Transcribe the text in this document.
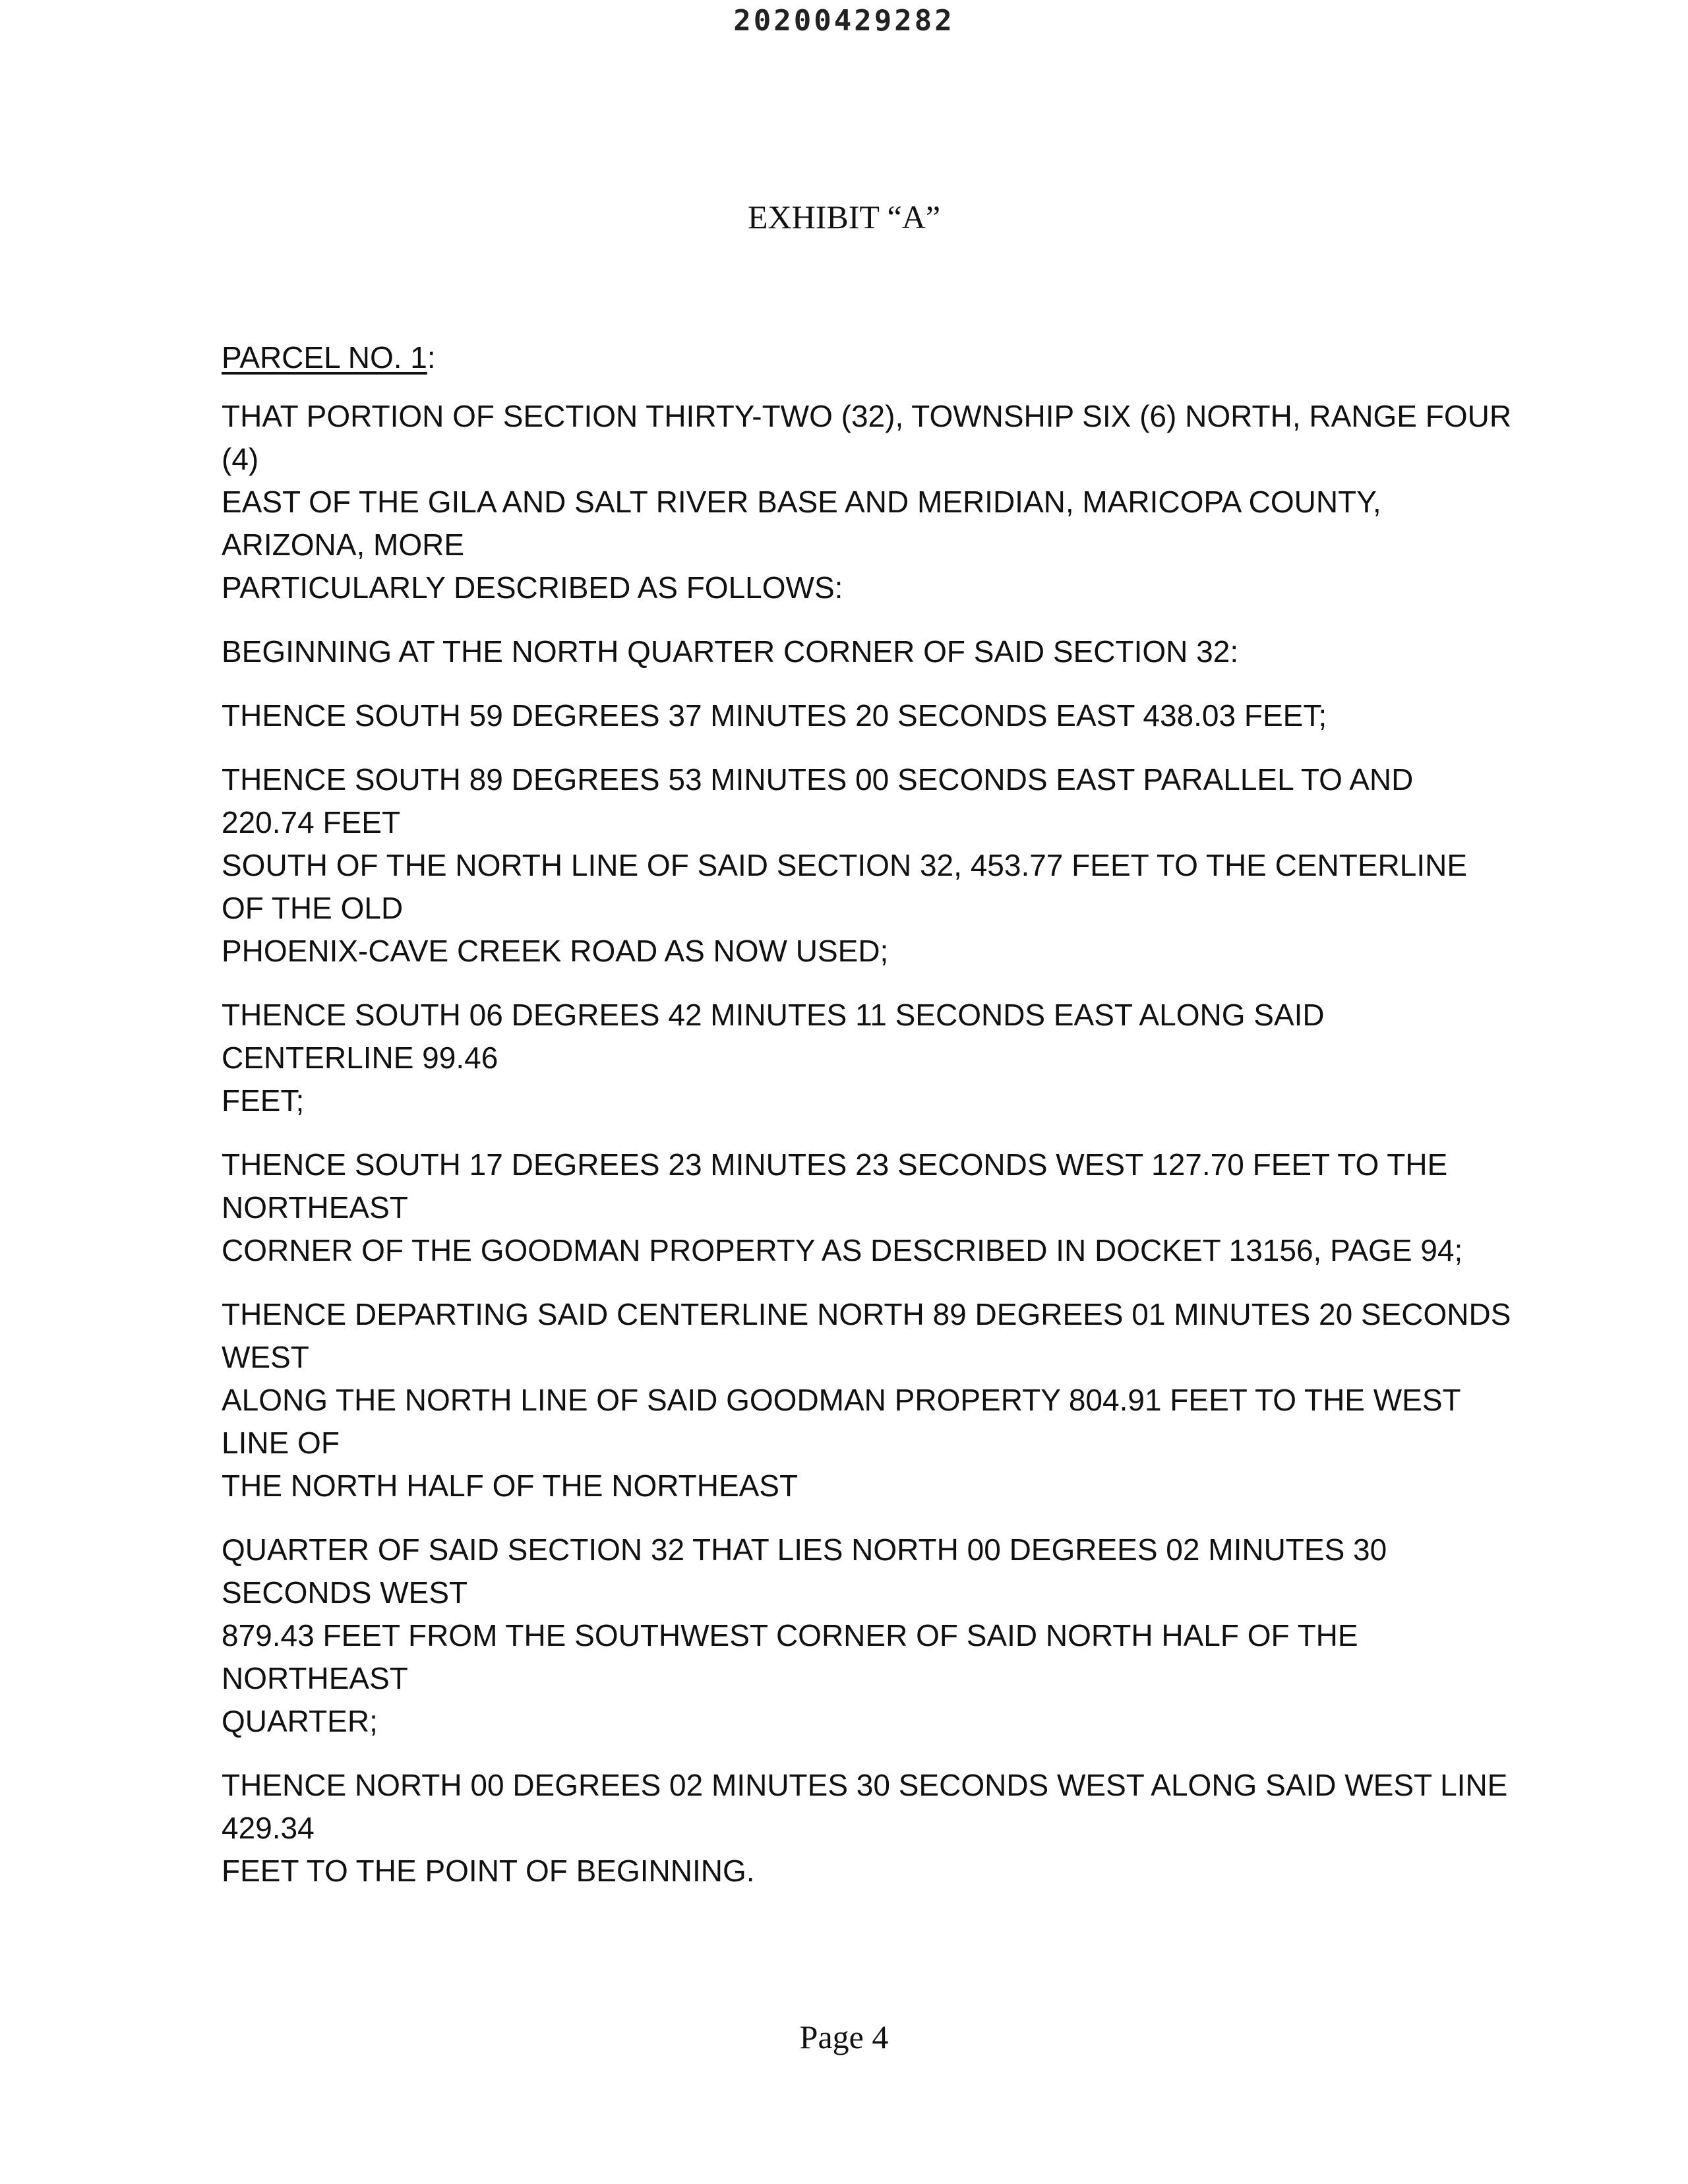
20200429282
EXHIBIT “A”

PARCEL NO. 1:

THAT PORTION OF SECTION THIRTY-TWO (32), TOWNSHIP SIX (6) NORTH, RANGE FOUR (4)
EAST OF THE GILA AND SALT RIVER BASE AND MERIDIAN, MARICOPA COUNTY, ARIZONA, MORE
PARTICULARLY DESCRIBED AS FOLLOWS:

BEGINNING AT THE NORTH QUARTER CORNER OF SAID SECTION 32:

THENCE SOUTH 59 DEGREES 37 MINUTES 20 SECONDS EAST 438.03 FEET;

THENCE SOUTH 89 DEGREES 53 MINUTES 00 SECONDS EAST PARALLEL TO AND 220.74 FEET
SOUTH OF THE NORTH LINE OF SAID SECTION 32, 453.77 FEET TO THE CENTERLINE OF THE OLD
PHOENIX-CAVE CREEK ROAD AS NOW USED;

THENCE SOUTH 06 DEGREES 42 MINUTES 11 SECONDS EAST ALONG SAID CENTERLINE 99.46
FEET;

THENCE SOUTH 17 DEGREES 23 MINUTES 23 SECONDS WEST 127.70 FEET TO THE NORTHEAST
CORNER OF THE GOODMAN PROPERTY AS DESCRIBED IN DOCKET 13156, PAGE 94;

THENCE DEPARTING SAID CENTERLINE NORTH 89 DEGREES 01 MINUTES 20 SECONDS WEST
ALONG THE NORTH LINE OF SAID GOODMAN PROPERTY 804.91 FEET TO THE WEST LINE OF
THE NORTH HALF OF THE NORTHEAST

QUARTER OF SAID SECTION 32 THAT LIES NORTH 00 DEGREES 02 MINUTES 30 SECONDS WEST
879.43 FEET FROM THE SOUTHWEST CORNER OF SAID NORTH HALF OF THE NORTHEAST
QUARTER;

THENCE NORTH 00 DEGREES 02 MINUTES 30 SECONDS WEST ALONG SAID WEST LINE 429.34
FEET TO THE POINT OF BEGINNING.

Page 4
